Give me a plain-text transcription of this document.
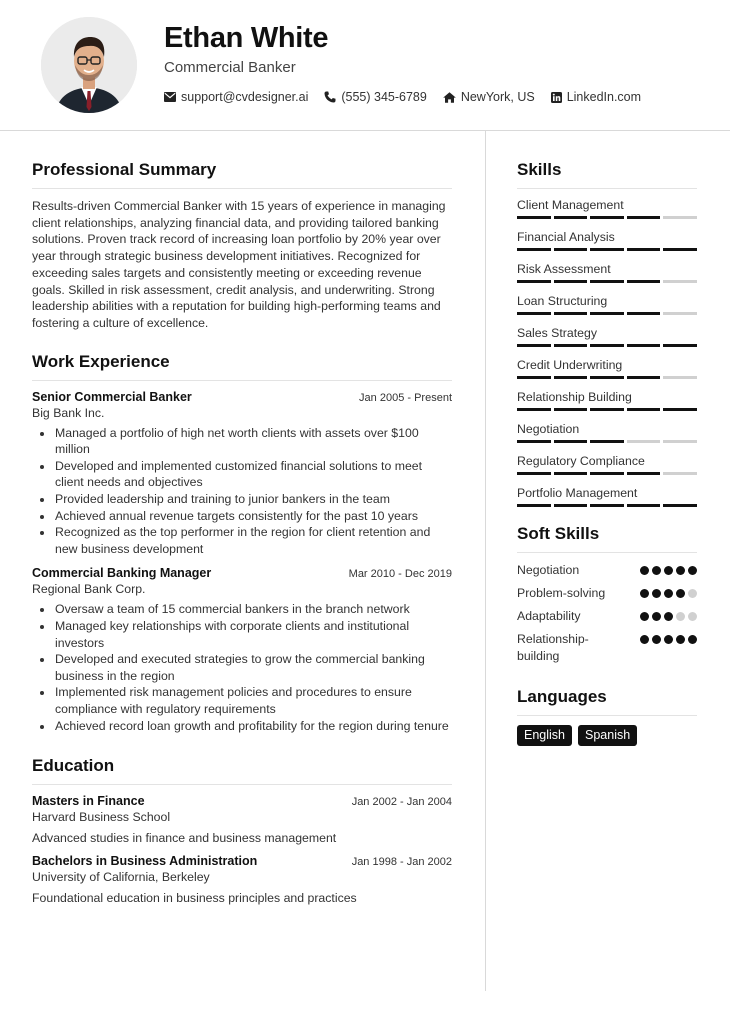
Ethan White
Commercial Banker
support@cvdesigner.ai	(555) 345-6789	NewYork, US	LinkedIn.com
Professional Summary

Results-driven Commercial Banker with 15 years of experience in managing client relationships, analyzing financial data, and providing tailored banking solutions. Proven track record of increasing loan portfolio by 20% year over year through strategic business development initiatives. Recognized for exceeding sales targets and consistently meeting or exceeding revenue goals. Skilled in risk assessment, credit analysis, and underwriting. Strong leadership abilities with a reputation for building high-performing teams and fostering a culture of excellence.

Work Experience
Senior Commercial Banker	Jan 2005 - Present
Big Bank Inc.
• Managed a portfolio of high net worth clients with assets over $100 million
• Developed and implemented customized financial solutions to meet client needs and objectives
• Provided leadership and training to junior bankers in the team
• Achieved annual revenue targets consistently for the past 10 years
• Recognized as the top performer in the region for client retention and new business development
Commercial Banking Manager	Mar 2010 - Dec 2019
Regional Bank Corp.
• Oversaw a team of 15 commercial bankers in the branch network
• Managed key relationships with corporate clients and institutional investors
• Developed and executed strategies to grow the commercial banking business in the region
• Implemented risk management policies and procedures to ensure compliance with regulatory requirements
• Achieved record loan growth and profitability for the region during tenure
Education
Masters in Finance	Jan 2002 - Jan 2004
Harvard Business School
Advanced studies in finance and business management
Bachelors in Business Administration	Jan 1998 - Jan 2002
University of California, Berkeley
Foundational education in business principles and practices
Skills
Client Management
Financial Analysis
Risk Assessment
Loan Structuring
Sales Strategy
Credit Underwriting
Relationship Building
Negotiation
Regulatory Compliance
Portfolio Management
Soft Skills
Negotiation
Problem-solving
Adaptability
Relationship-building
Languages
English	Spanish
